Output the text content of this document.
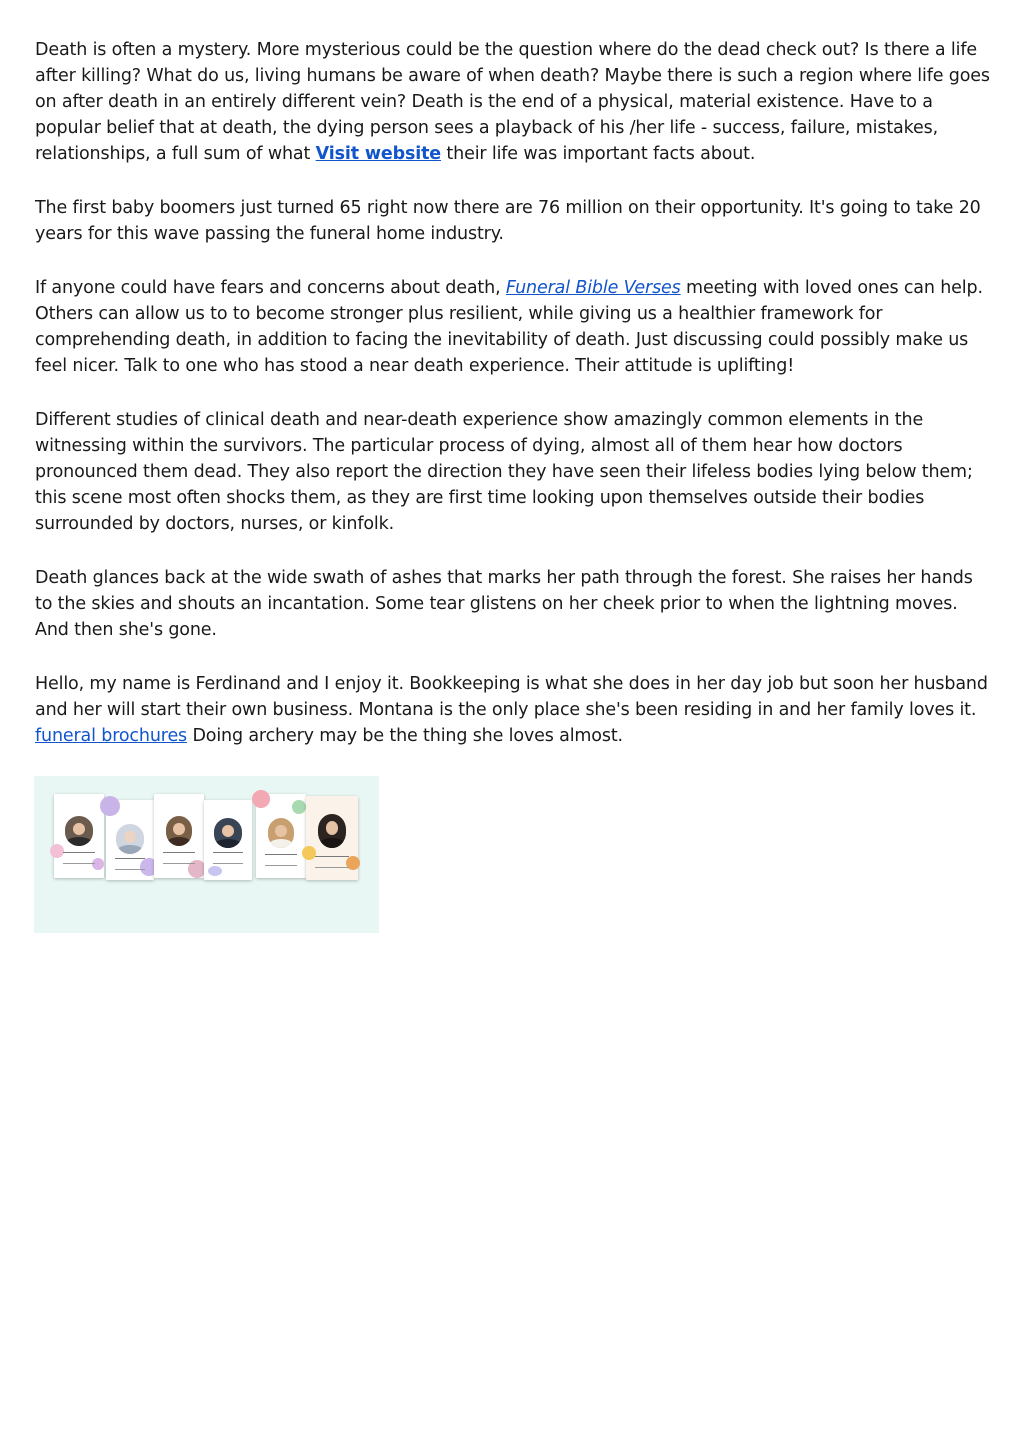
Death is often a mystery. More mysterious could be the question where do the dead check out? Is there a life after killing? What do us, living humans be aware of when death? Maybe there is such a region where life goes on after death in an entirely different vein? Death is the end of a physical, material existence. Have to a popular belief that at death, the dying person sees a playback of his /her life - success, failure, mistakes, relationships, a full sum of what Visit website their life was important facts about.

The first baby boomers just turned 65 right now there are 76 million on their opportunity. It's going to take 20 years for this wave passing the funeral home industry.

If anyone could have fears and concerns about death, Funeral Bible Verses meeting with loved ones can help. Others can allow us to to become stronger plus resilient, while giving us a healthier framework for comprehending death, in addition to facing the inevitability of death. Just discussing could possibly make us feel nicer. Talk to one who has stood a near death experience. Their attitude is uplifting!

Different studies of clinical death and near-death experience show amazingly common elements in the witnessing within the survivors. The particular process of dying, almost all of them hear how doctors pronounced them dead. They also report the direction they have seen their lifeless bodies lying below them; this scene most often shocks them, as they are first time looking upon themselves outside their bodies surrounded by doctors, nurses, or kinfolk.

Death glances back at the wide swath of ashes that marks her path through the forest. She raises her hands to the skies and shouts an incantation. Some tear glistens on her cheek prior to when the lightning moves. And then she's gone.

Hello, my name is Ferdinand and I enjoy it. Bookkeeping is what she does in her day job but soon her husband and her will start their own business. Montana is the only place she's been residing in and her family loves it. funeral brochures Doing archery may be the thing she loves almost.
